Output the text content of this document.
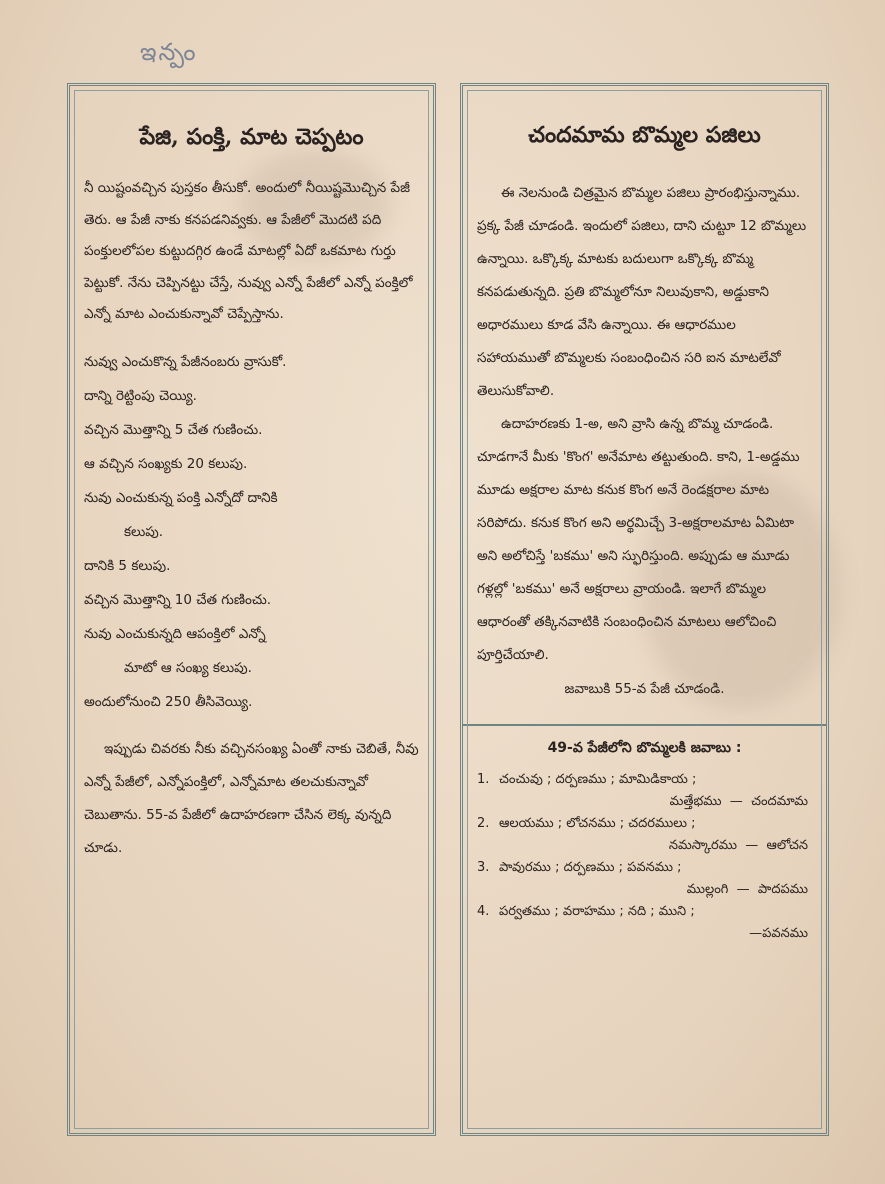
ఇన్పం
పేజి, పంక్తి, మాట చెప్పటం

నీ యిష్టంవచ్చిన పుస్తకం తీసుకో. అందులో నీయిష్టమొచ్చిన పేజీ తెరు. ఆ పేజీ నాకు కనపడనివ్వకు. ఆ పేజీలో మొదటి పది పంక్తులలోపల కుట్టుదగ్గిర ఉండే మాటల్లో ఏదో ఒకమాట గుర్తు పెట్టుకో. నేను చెప్పినట్టు చేస్తే, నువ్వు ఎన్నో పేజీలో ఎన్నో పంక్తిలో ఎన్నో మాట ఎంచుకున్నావో చెప్పేస్తాను.

నువ్వు ఎంచుకొన్న పేజీనంబరు వ్రాసుకో.

దాన్ని రెట్టింపు చెయ్యి.

వచ్చిన మొత్తాన్ని 5 చేత గుణించు.

ఆ వచ్చిన సంఖ్యకు 20 కలుపు.

నువు ఎంచుకున్న పంక్తి ఎన్నోదో దానికి

కలుపు.

దానికి 5 కలుపు.

వచ్చిన మొత్తాన్ని 10 చేత గుణించు.

నువు ఎంచుకున్నది ఆపంక్తిలో ఎన్నో

మాటో ఆ సంఖ్య కలుపు.

అందులోనుంచి 250 తీసివెయ్యి.

ఇప్పుడు చివరకు నీకు వచ్చినసంఖ్య ఏంతో నాకు చెబితే, నీవు ఎన్నో పేజీలో, ఎన్నోపంక్తిలో, ఎన్నోమాట తలచుకున్నావో చెబుతాను. 55-వ పేజీలో ఉదాహరణగా చేసిన లెక్క వున్నది చూడు.

చందమామ బొమ్మల పజిలు

ఈ నెలనుండి చిత్రమైన బొమ్మల పజిలు ప్రారంభిస్తున్నాము. ప్రక్క పేజీ చూడండి. ఇందులో పజిలు, దాని చుట్టూ 12 బొమ్మలు ఉన్నాయి. ఒక్కొక్క మాటకు బదులుగా ఒక్కొక్క బొమ్మ కనపడుతున్నది. ప్రతి బొమ్మలోనూ నిలువుకాని, అడ్డుకాని అధారములు కూడ వేసి ఉన్నాయి. ఈ ఆధారముల సహాయముతో బొమ్మలకు సంబంధించిన సరి ఐన మాటలేవో తెలుసుకోవాలి.

ఉదాహరణకు 1-అ, అని వ్రాసి ఉన్న బొమ్మ చూడండి. చూడగానే మీకు 'కొంగ' అనేమాట తట్టుతుంది. కాని, 1-అడ్డము మూడు అక్షరాల మాట కనుక కొంగ అనే రెండక్షరాల మాట సరిపోదు. కనుక కొంగ అని అర్థమిచ్చే 3-అక్షరాలమాట ఏమిటా అని అలోచిస్తే 'బకము' అని స్ఫురిస్తుంది. అప్పుడు ఆ మూడు గళ్లల్లో 'బకము' అనే అక్షరాలు వ్రాయండి. ఇలాగే బొమ్మల ఆధారంతో తక్కినవాటికి సంబంధించిన మాటలు ఆలోచించి పూర్తిచేయాలి.

జవాబుకి 55-వ పేజీ చూడండి.

49-వ పేజీలోని బొమ్మలకి జవాబు :
1. చంచువు ; దర్పణము ; మామిడికాయ ;
మత్తేభము  —  చందమామ
2. ఆలయము ; లోచనము ; చదరములు ;
నమస్కారము  —  ఆలోచన
3. పావురము ; దర్పణము ; పవనము ;
ముల్లంగి  —  పాదపము
4. పర్వతము ; వరాహము ; నది ; ముని ;
—పవనము
